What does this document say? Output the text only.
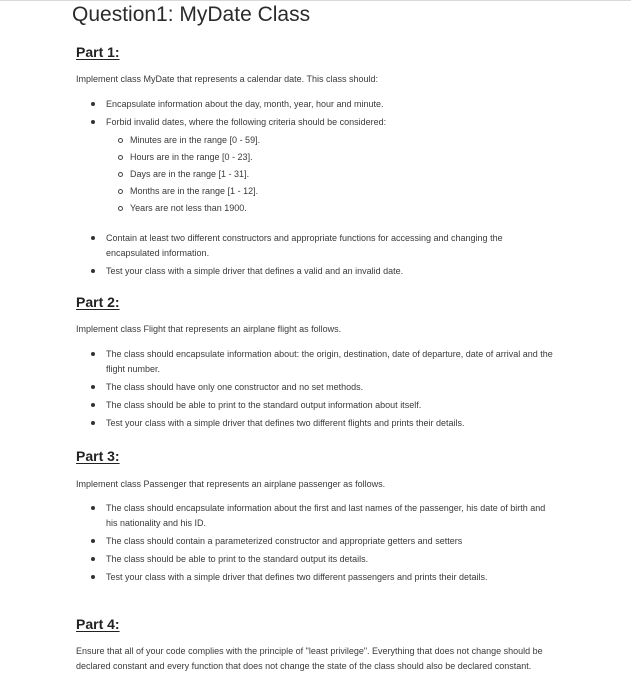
Question1: MyDate Class
Part 1:

Implement class MyDate that represents a calendar date. This class should:

Encapsulate information about the day, month, year, hour and minute.
Forbid invalid dates, where the following criteria should be considered:
Minutes are in the range [0 - 59].
Hours are in the range [0 - 23].
Days are in the range [1 - 31].
Months are in the range [1 - 12].
Years are not less than 1900.
Contain at least two different constructors and appropriate functions for accessing and changing the encapsulated information.
Test your class with a simple driver that defines a valid and an invalid date.
Part 2:

Implement class Flight that represents an airplane flight as follows.

The class should encapsulate information about: the origin, destination, date of departure, date of arrival and the flight number.
The class should have only one constructor and no set methods.
The class should be able to print to the standard output information about itself.
Test your class with a simple driver that defines two different flights and prints their details.
Part 3:

Implement class Passenger that represents an airplane passenger as follows.

The class should encapsulate information about the first and last names of the passenger, his date of birth and his nationality and his ID.
The class should contain a parameterized constructor and appropriate getters and setters
The class should be able to print to the standard output its details.
Test your class with a simple driver that defines two different passengers and prints their details.
Part 4:

Ensure that all of your code complies with the principle of "least privilege". Everything that does not change should be declared constant and every function that does not change the state of the class should also be declared constant.
